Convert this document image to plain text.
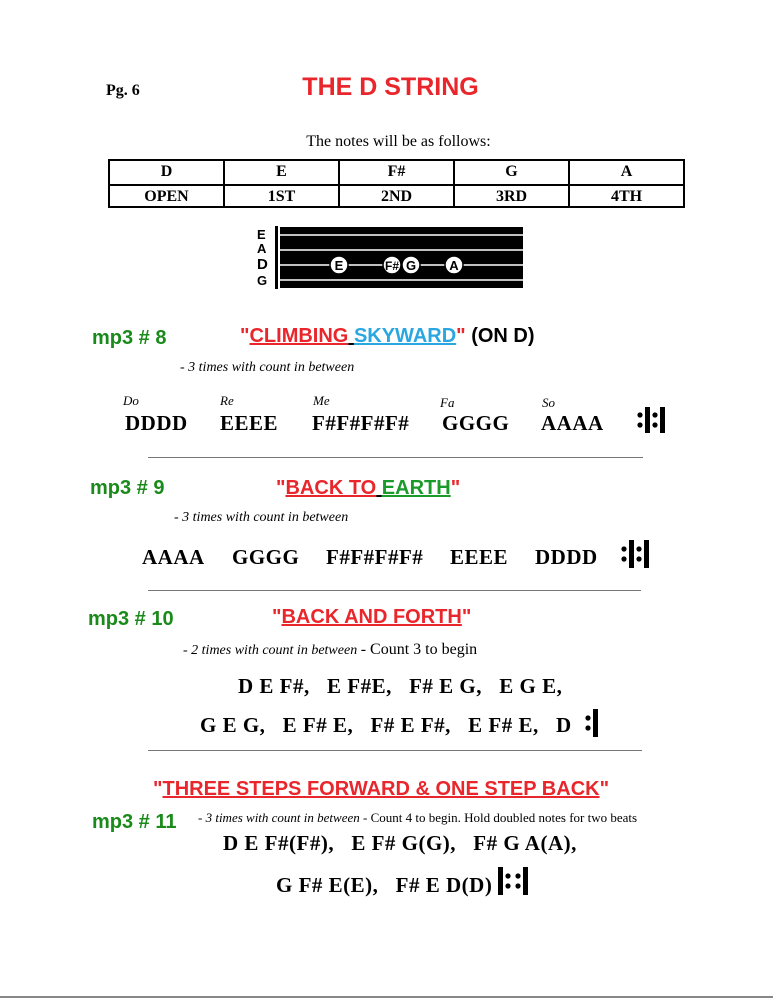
Pg. 6	THE D STRING
The notes will be as follows:
D	E	F#	G	A
OPEN	1ST	2ND	3RD	4TH
E
A
D
G
E	F# G	A
mp3 # 8	"CLIMBING SKYWARD" (ON D)
- 3 times with count in between
Do	Re	Me	Fa	So
DDDD EEEE F#F#F#F# GGGG AAAA
mp3 # 9	"BACK TO EARTH"
- 3 times with count in between
AAAA GGGG F#F#F#F# EEEE DDDD
mp3 # 10	"BACK AND FORTH"
- 2 times with count in between - Count 3 to begin
D E F#,   E F#E,   F# E G,   E G E,
G E G,   E F# E,   F# E F#,   E F# E,   D
"THREE STEPS FORWARD & ONE STEP BACK"
mp3 # 11 - 3 times with count in between - Count 4 to begin. Hold doubled notes for two beats
D E F#(F#),   E F# G(G),   F# G A(A),
G F# E(E),   F# E D(D)
